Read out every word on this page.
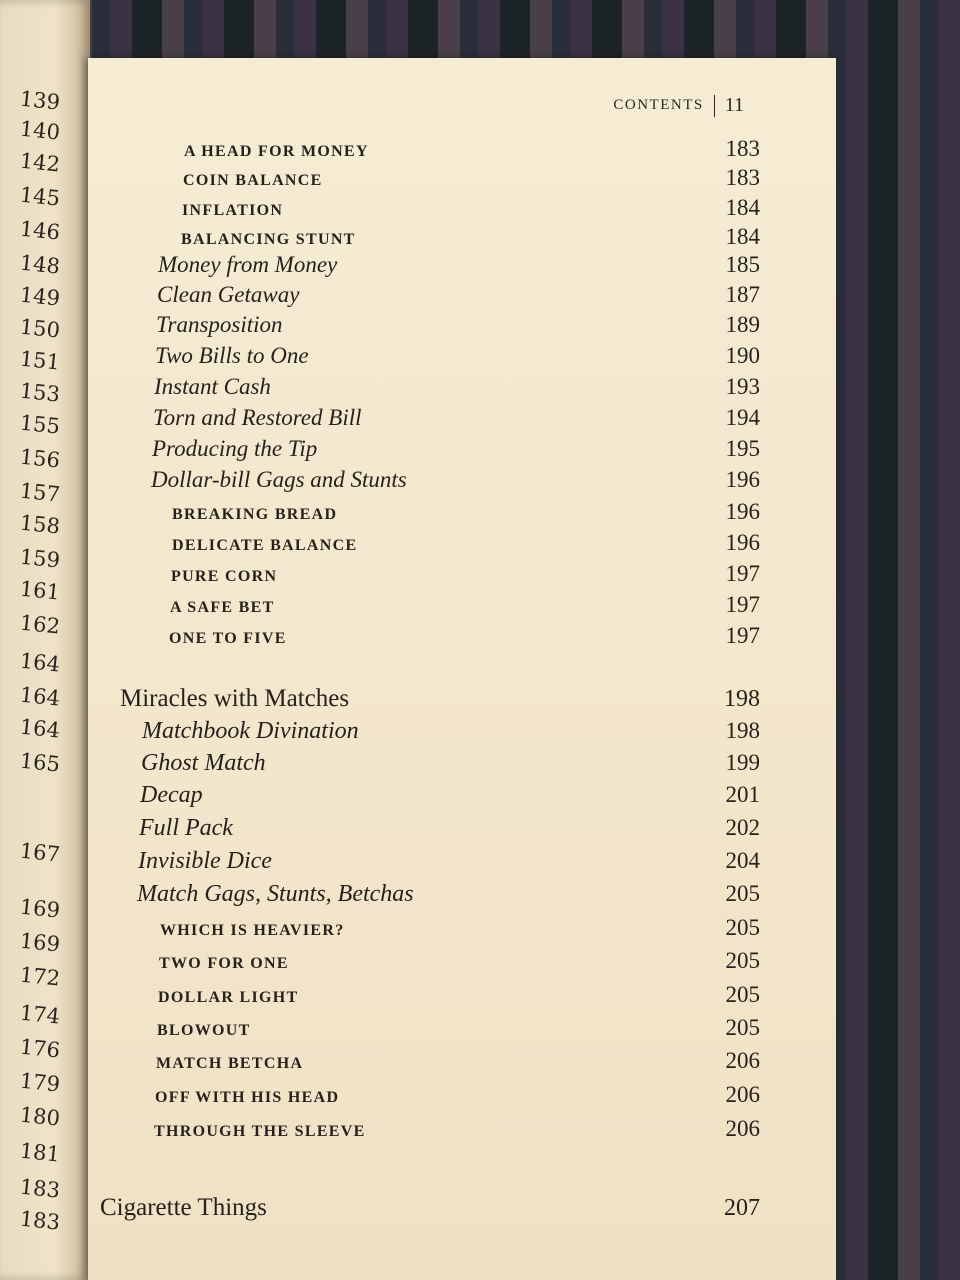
139
140
142
145
146
148
149
150
151
153
155
156
157
158
159
161
162
164
164
164
165
167
169
169
172
174
176
179
180
181
183
183
CONTENTS 11
A HEAD FOR MONEY	183
COIN BALANCE	183
INFLATION	184
BALANCING STUNT	184
Money from Money	185
Clean Getaway	187
Transposition	189
Two Bills to One	190
Instant Cash	193
Torn and Restored Bill	194
Producing the Tip	195
Dollar-bill Gags and Stunts	196
BREAKING BREAD	196
DELICATE BALANCE	196
PURE CORN	197
A SAFE BET	197
ONE TO FIVE	197
Miracles with Matches	198
Matchbook Divination	198
Ghost Match	199
Decap	201
Full Pack	202
Invisible Dice	204
Match Gags, Stunts, Betchas	205
WHICH IS HEAVIER?	205
TWO FOR ONE	205
DOLLAR LIGHT	205
BLOWOUT	205
MATCH BETCHA	206
OFF WITH HIS HEAD	206
THROUGH THE SLEEVE	206
Cigarette Things	207
